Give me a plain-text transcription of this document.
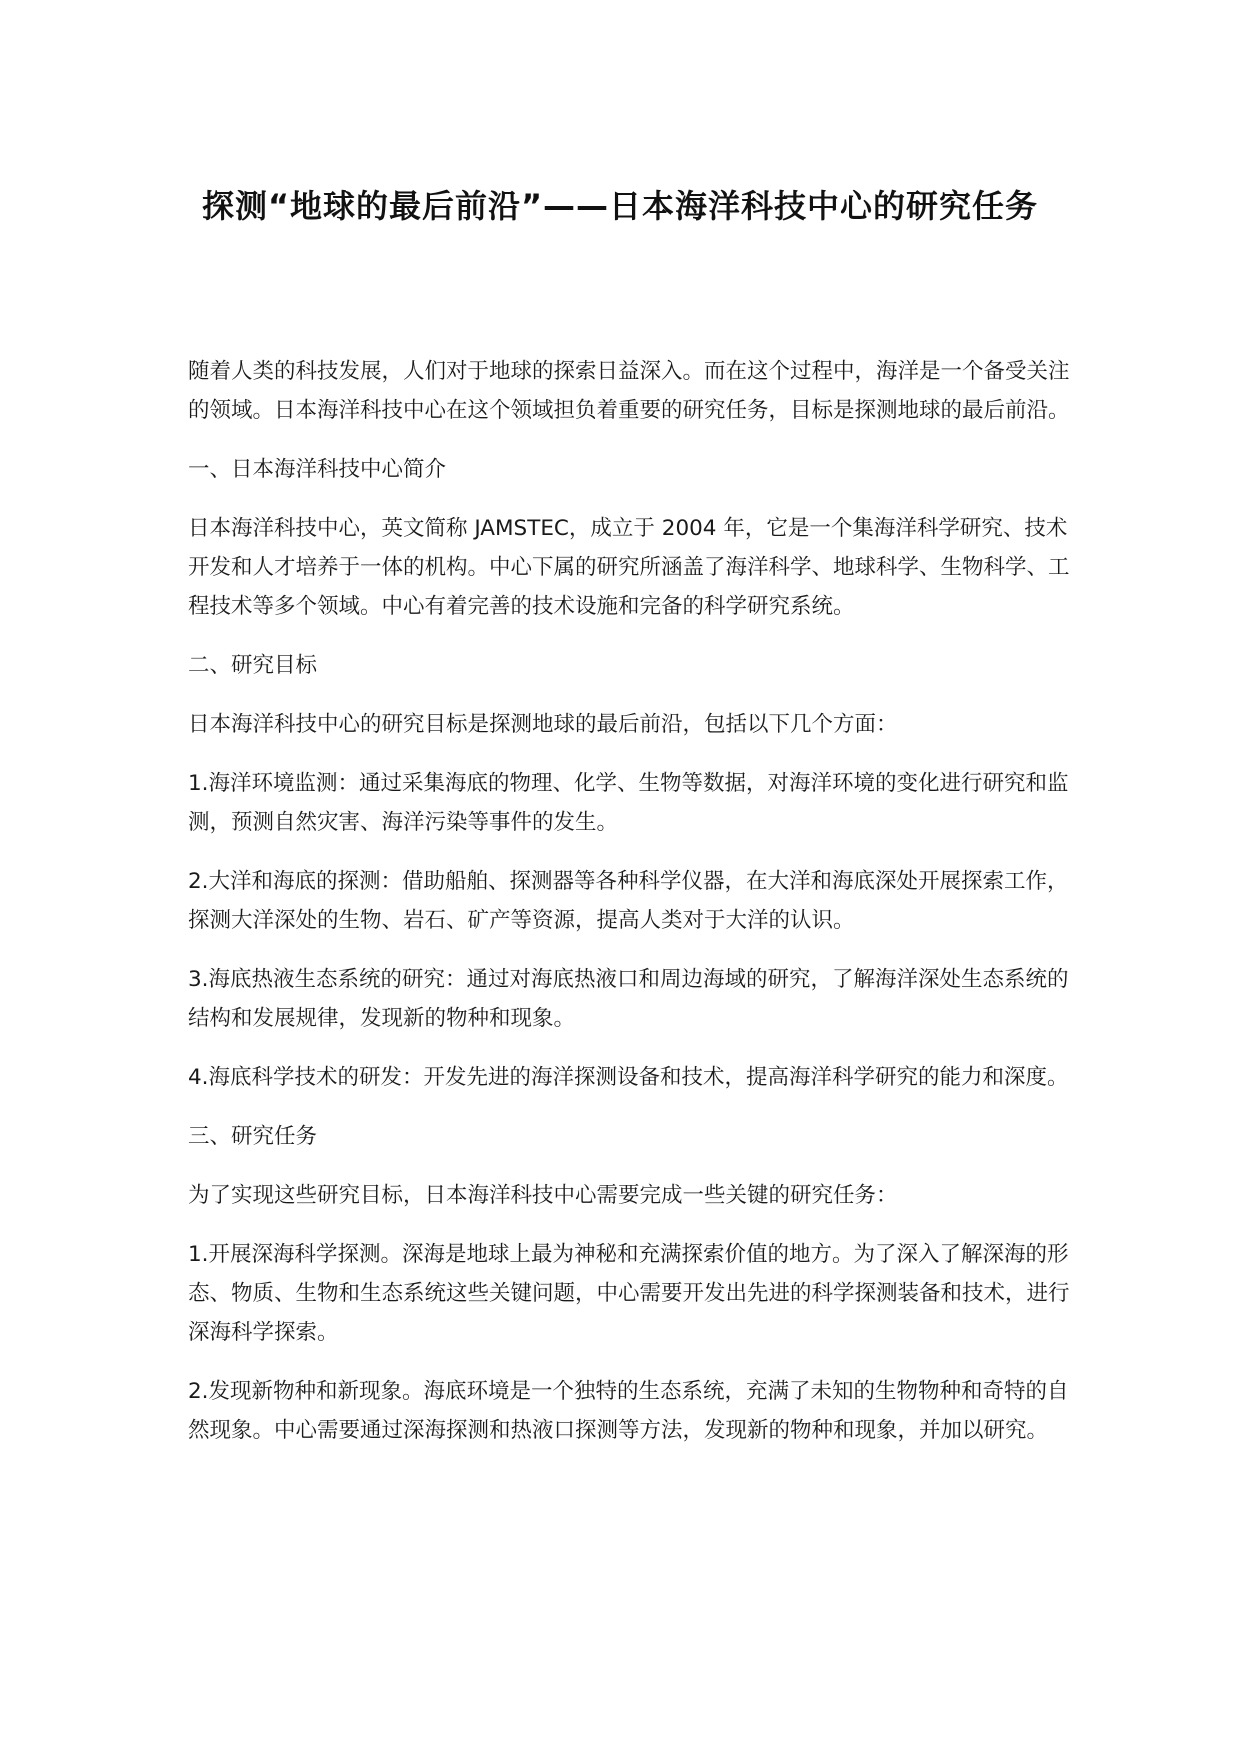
探测“地球的最后前沿”——日本海洋科技中心的研究任务

随着人类的科技发展，人们对于地球的探索日益深入。而在这个过程中，海洋是一个备受关注的领域。日本海洋科技中心在这个领域担负着重要的研究任务，目标是探测地球的最后前沿。

一、日本海洋科技中心简介

日本海洋科技中心，英文简称 JAMSTEC，成立于 2004 年，它是一个集海洋科学研究、技术开发和人才培养于一体的机构。中心下属的研究所涵盖了海洋科学、地球科学、生物科学、工程技术等多个领域。中心有着完善的技术设施和完备的科学研究系统。

二、研究目标

日本海洋科技中心的研究目标是探测地球的最后前沿，包括以下几个方面：

1.海洋环境监测：通过采集海底的物理、化学、生物等数据，对海洋环境的变化进行研究和监测，预测自然灾害、海洋污染等事件的发生。

2.大洋和海底的探测：借助船舶、探测器等各种科学仪器，在大洋和海底深处开展探索工作，探测大洋深处的生物、岩石、矿产等资源，提高人类对于大洋的认识。

3.海底热液生态系统的研究：通过对海底热液口和周边海域的研究，了解海洋深处生态系统的结构和发展规律，发现新的物种和现象。

4.海底科学技术的研发：开发先进的海洋探测设备和技术，提高海洋科学研究的能力和深度。

三、研究任务

为了实现这些研究目标，日本海洋科技中心需要完成一些关键的研究任务：

1.开展深海科学探测。深海是地球上最为神秘和充满探索价值的地方。为了深入了解深海的形态、物质、生物和生态系统这些关键问题，中心需要开发出先进的科学探测装备和技术，进行深海科学探索。

2.发现新物种和新现象。海底环境是一个独特的生态系统，充满了未知的生物物种和奇特的自然现象。中心需要通过深海探测和热液口探测等方法，发现新的物种和现象，并加以研究。
